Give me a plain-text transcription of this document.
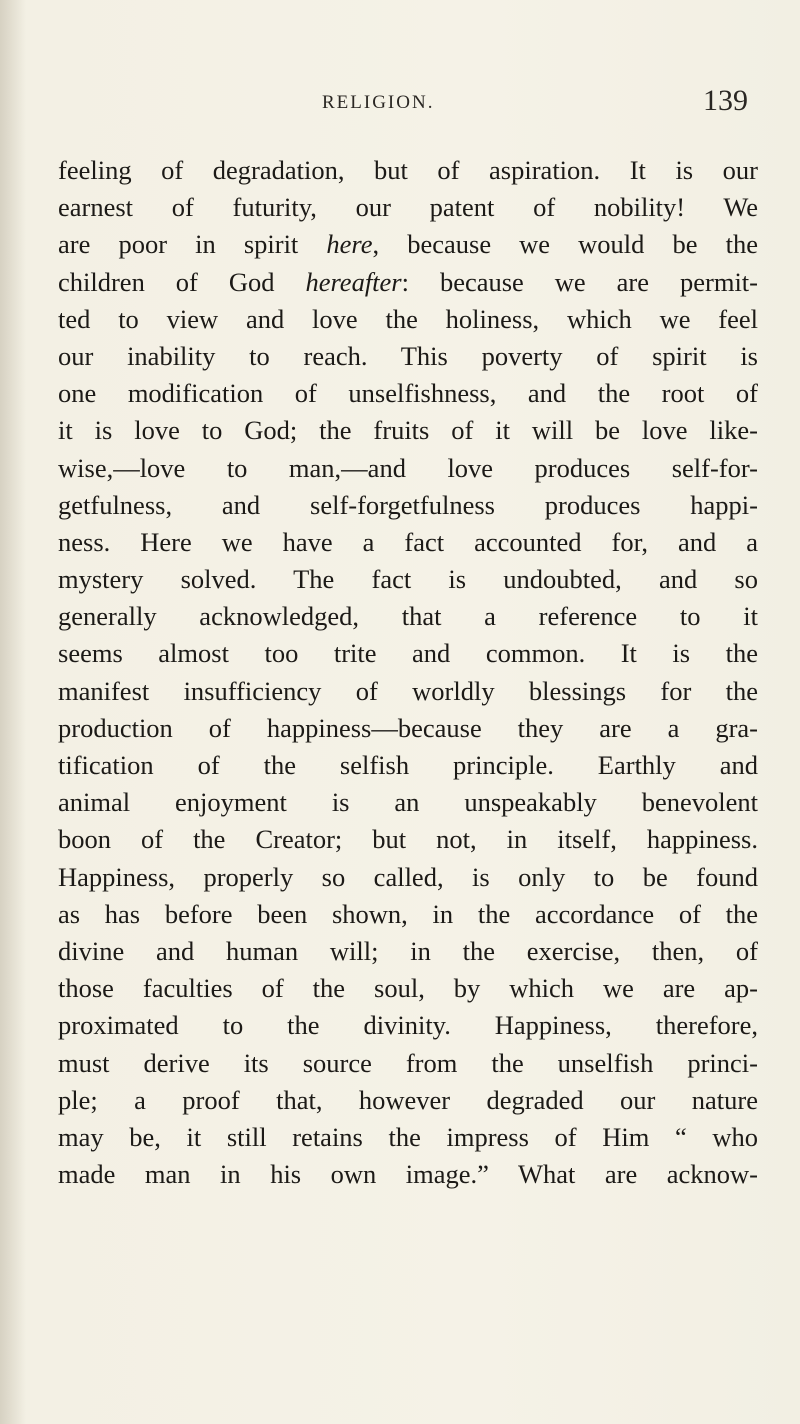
RELIGION.	139
feeling of degradation, but of aspiration. It is our
earnest of futurity, our patent of nobility! We
are poor in spirit here, because we would be the
children of God hereafter: because we are permit-
ted to view and love the holiness, which we feel
our inability to reach. This poverty of spirit is
one modification of unselfishness, and the root of
it is love to God; the fruits of it will be love like-
wise,—love to man,—and love produces self-for-
getfulness, and self-forgetfulness produces happi-
ness. Here we have a fact accounted for, and a
mystery solved. The fact is undoubted, and so
generally acknowledged, that a reference to it
seems almost too trite and common. It is the
manifest insufficiency of worldly blessings for the
production of happiness—because they are a gra-
tification of the selfish principle. Earthly and
animal enjoyment is an unspeakably benevolent
boon of the Creator; but not, in itself, happiness.
Happiness, properly so called, is only to be found
as has before been shown, in the accordance of the
divine and human will; in the exercise, then, of
those faculties of the soul, by which we are ap-
proximated to the divinity. Happiness, therefore,
must derive its source from the unselfish princi-
ple; a proof that, however degraded our nature
may be, it still retains the impress of Him “ who
made man in his own image.” What are acknow-
